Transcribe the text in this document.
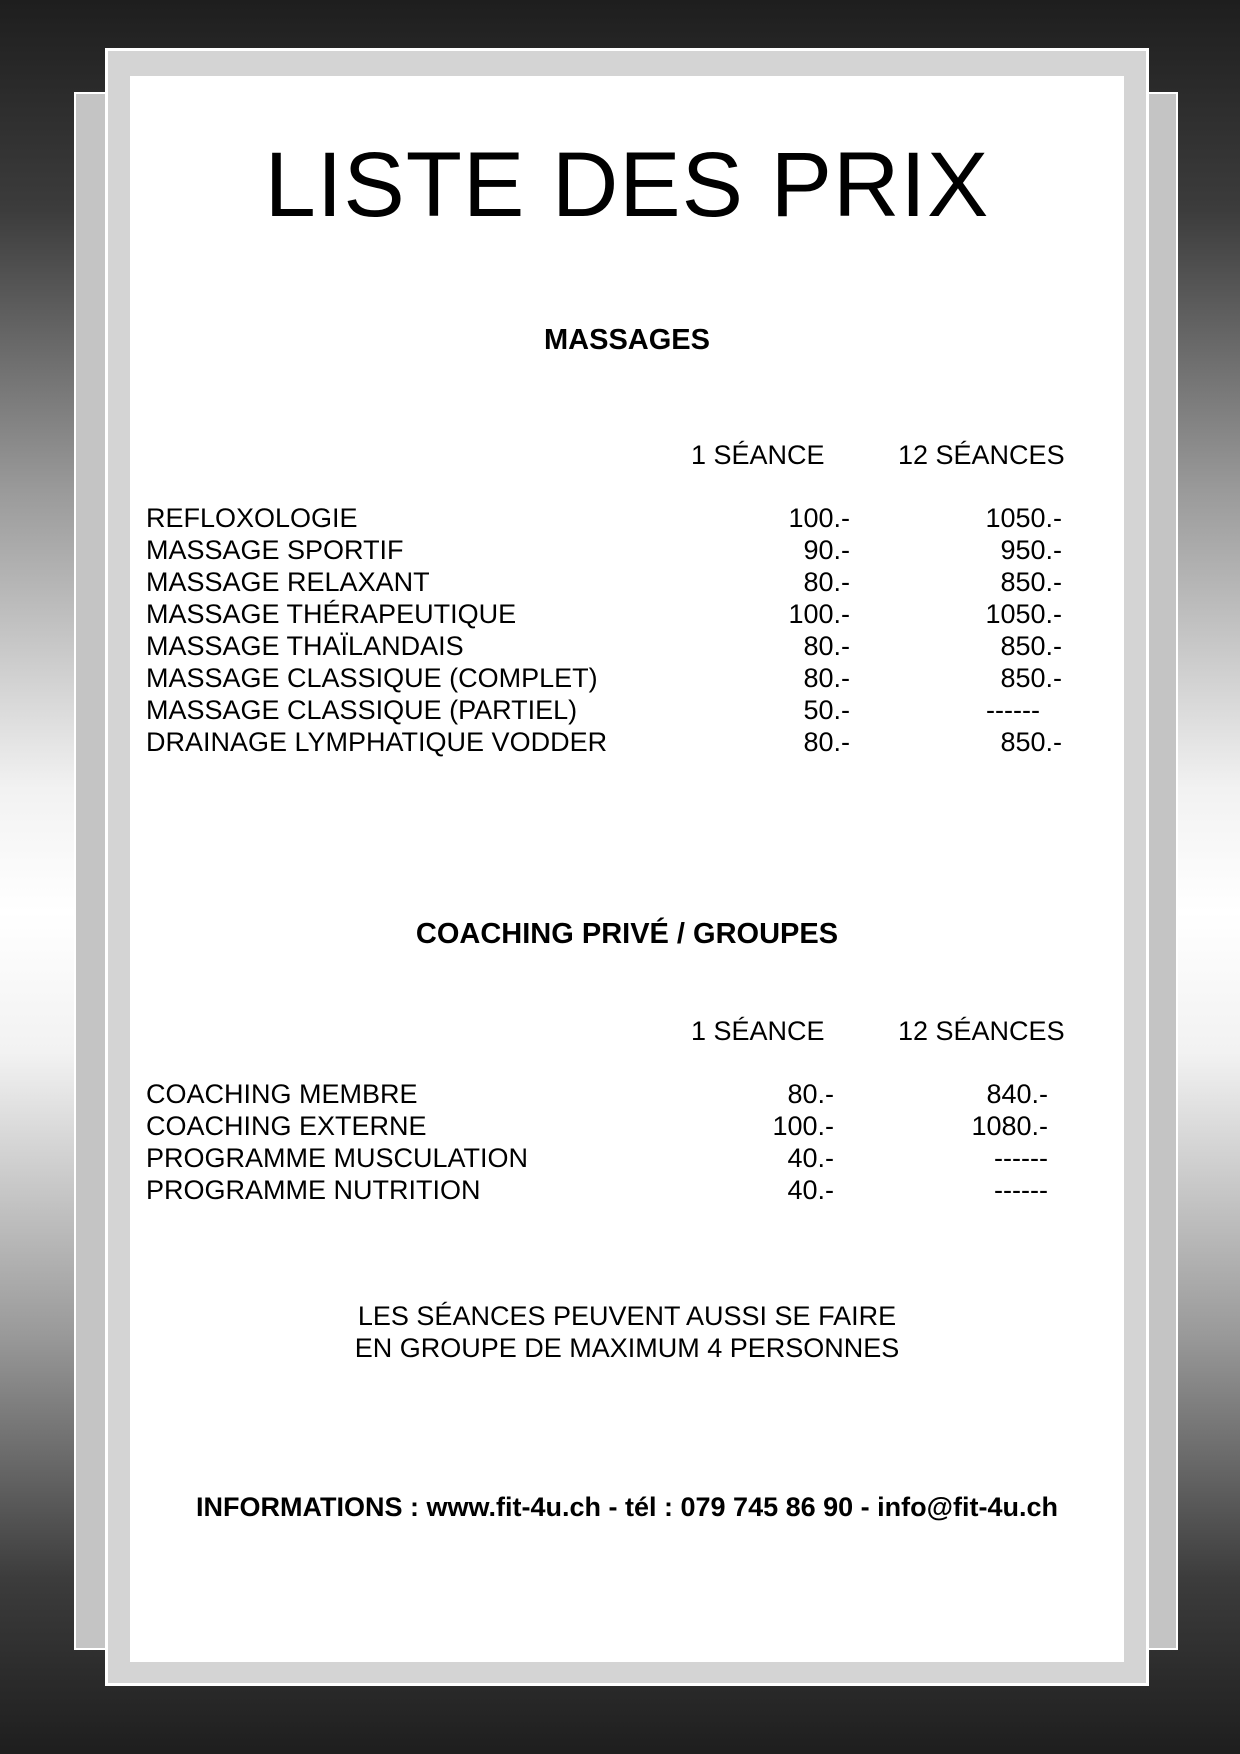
LISTE DES PRIX
MASSAGES
1 SÉANCE	12 SÉANCES
REFLOXOLOGIE	100.-	1050.-
MASSAGE SPORTIF	90.-	950.-
MASSAGE RELAXANT	80.-	850.-
MASSAGE THÉRAPEUTIQUE	100.-	1050.-
MASSAGE THAÏLANDAIS	80.-	850.-
MASSAGE CLASSIQUE (COMPLET)	80.-	850.-
MASSAGE CLASSIQUE (PARTIEL)	50.-	------
DRAINAGE LYMPHATIQUE VODDER	80.-	850.-
COACHING PRIVÉ / GROUPES
1 SÉANCE	12 SÉANCES
COACHING MEMBRE	80.-	840.-
COACHING EXTERNE	100.-	1080.-
PROGRAMME MUSCULATION	40.-	------
PROGRAMME NUTRITION	40.-	------
LES SÉANCES PEUVENT AUSSI SE FAIRE
EN GROUPE DE MAXIMUM 4 PERSONNES
INFORMATIONS : www.fit-4u.ch - tél : 079 745 86 90 - info@fit-4u.ch
